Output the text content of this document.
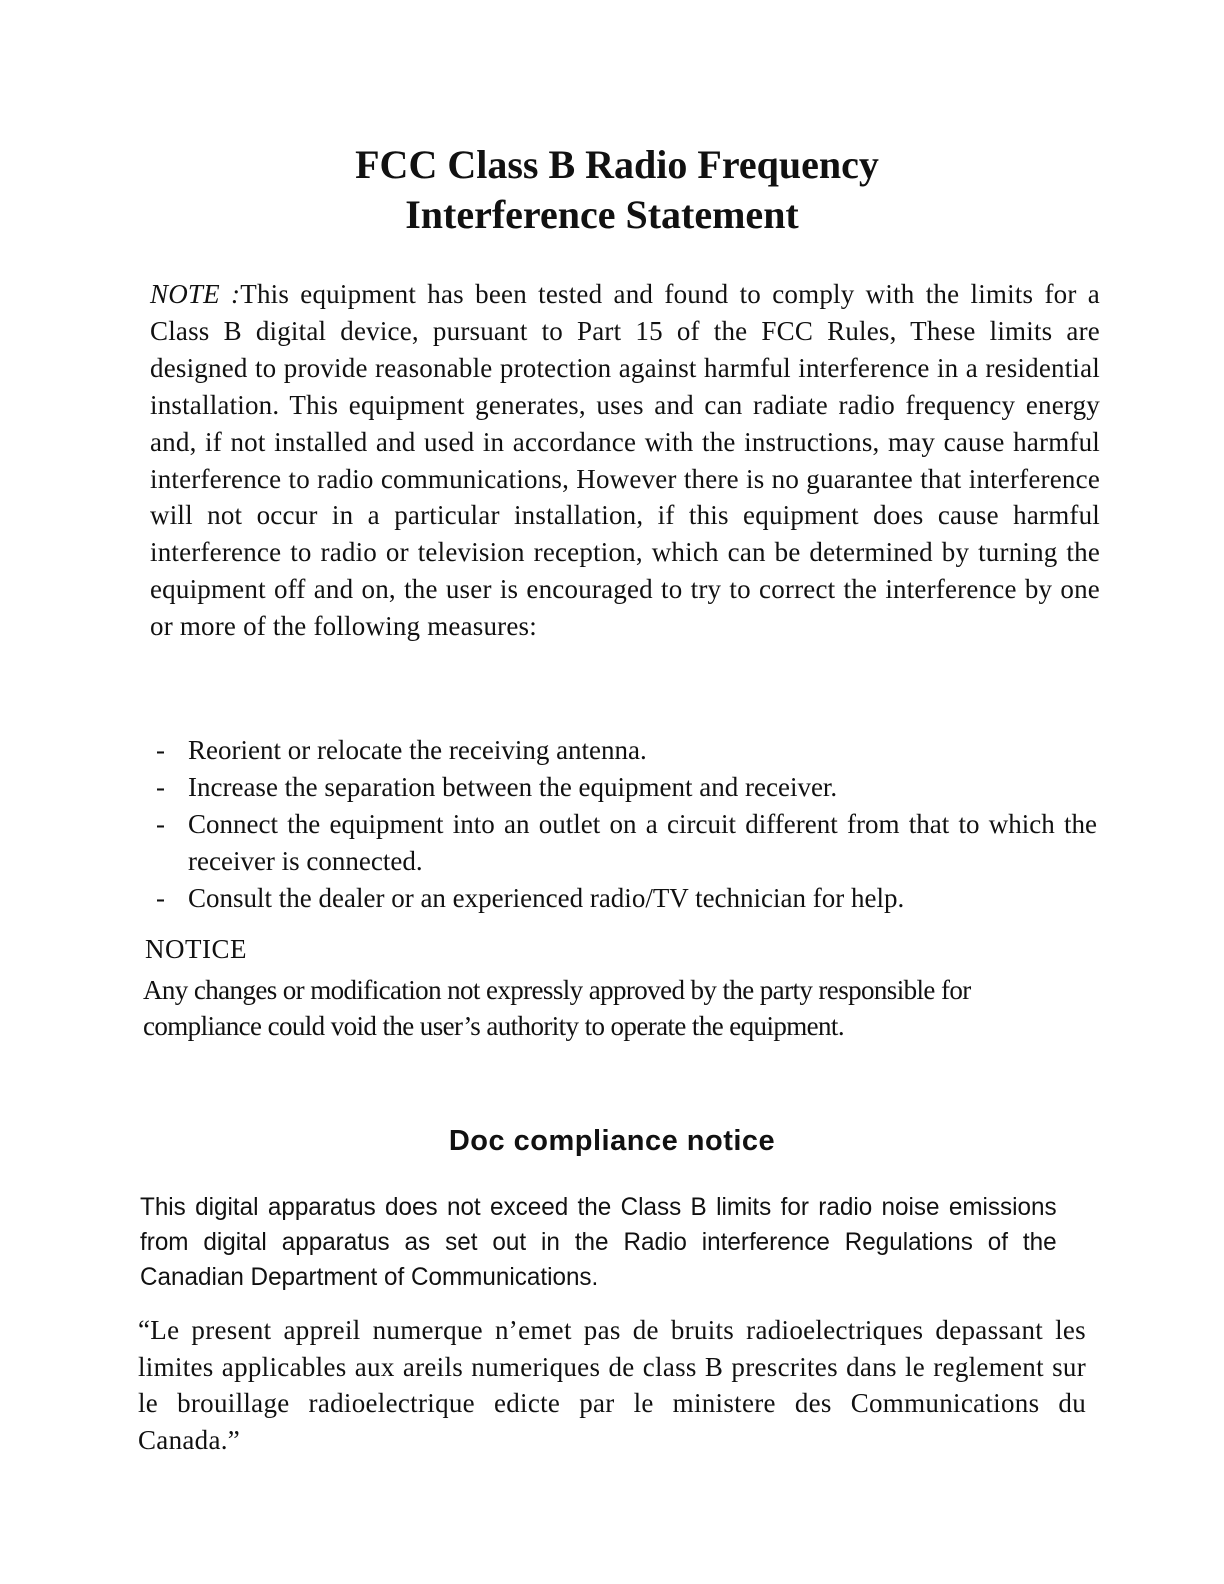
FCC Class B Radio Frequency
Interference Statement

NOTE :This equipment has been tested and found to comply with the limits for a Class B digital device, pursuant to Part 15 of the FCC Rules, These limits are designed to provide reasonable protection against harmful interference in a residential installation. This equipment generates, uses and can radiate radio frequency energy and, if not installed and used in accordance with the instructions, may cause harmful interference to radio communications, However there is no guarantee that interference will not occur in a particular installation, if this equipment does cause harmful interference to radio or television reception, which can be determined by turning the equipment off and on, the user is encouraged to try to correct the interference by one or more of the following measures:

- Reorient or relocate the receiving antenna.
- Increase the separation between the equipment and receiver.
- Connect the equipment into an outlet on a circuit different from that to which the receiver is connected.
- Consult the dealer or an experienced radio/TV technician for help.

NOTICE

Any changes or modification not expressly approved by the party responsible for compliance could void the user’s authority to operate the equipment.

Doc compliance notice

This digital apparatus does not exceed the Class B limits for radio noise emissions from digital apparatus as set out in the Radio interference Regulations of the Canadian Department of Communications.

“Le present appreil numerque n’emet pas de bruits radioelectriques depassant les limites applicables aux areils numeriques de class B prescrites dans le reglement sur le brouillage radioelectrique edicte par le ministere des Communications du Canada.”
